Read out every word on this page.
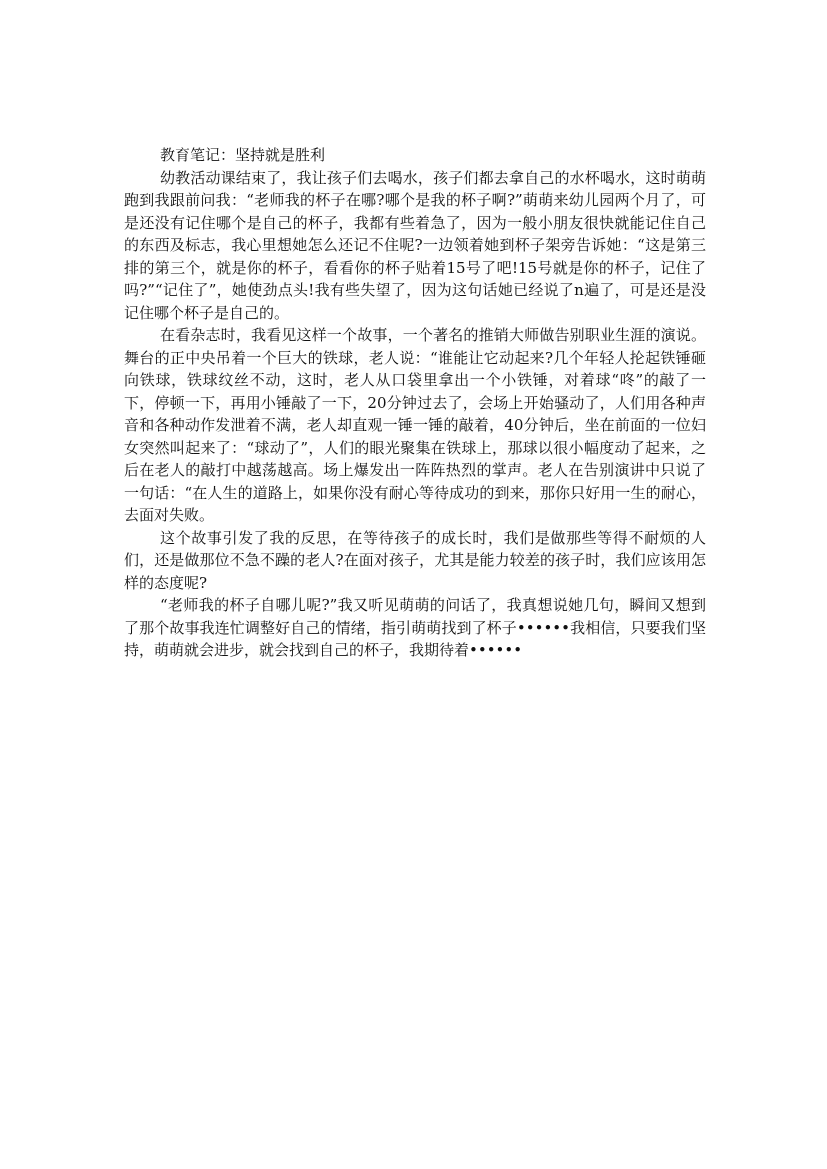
教育笔记：坚持就是胜利

幼教活动课结束了，我让孩子们去喝水，孩子们都去拿自己的水杯喝水，这时萌萌跑到我跟前问我：“老师我的杯子在哪?哪个是我的杯子啊?”萌萌来幼儿园两个月了，可是还没有记住哪个是自己的杯子，我都有些着急了，因为一般小朋友很快就能记住自己的东西及标志，我心里想她怎么还记不住呢?一边领着她到杯子架旁告诉她：“这是第三排的第三个，就是你的杯子，看看你的杯子贴着15号了吧!15号就是你的杯子，记住了吗?”“记住了”，她使劲点头!我有些失望了，因为这句话她已经说了n遍了，可是还是没记住哪个杯子是自己的。

在看杂志时，我看见这样一个故事，一个著名的推销大师做告别职业生涯的演说。舞台的正中央吊着一个巨大的铁球，老人说：“谁能让它动起来?几个年轻人抡起铁锤砸向铁球，铁球纹丝不动，这时，老人从口袋里拿出一个小铁锤，对着球“咚”的敲了一下，停顿一下，再用小锤敲了一下，20分钟过去了，会场上开始骚动了，人们用各种声音和各种动作发泄着不满，老人却直观一锤一锤的敲着，40分钟后，坐在前面的一位妇女突然叫起来了：“球动了”，人们的眼光聚集在铁球上，那球以很小幅度动了起来，之后在老人的敲打中越荡越高。场上爆发出一阵阵热烈的掌声。老人在告别演讲中只说了一句话：“在人生的道路上，如果你没有耐心等待成功的到来，那你只好用一生的耐心，去面对失败。

这个故事引发了我的反思，在等待孩子的成长时，我们是做那些等得不耐烦的人们，还是做那位不急不躁的老人?在面对孩子，尤其是能力较差的孩子时，我们应该用怎样的态度呢?

“老师我的杯子自哪儿呢?”我又听见萌萌的问话了，我真想说她几句，瞬间又想到了那个故事我连忙调整好自己的情绪，指引萌萌找到了杯子••••••我相信，只要我们坚持，萌萌就会进步，就会找到自己的杯子，我期待着••••••
